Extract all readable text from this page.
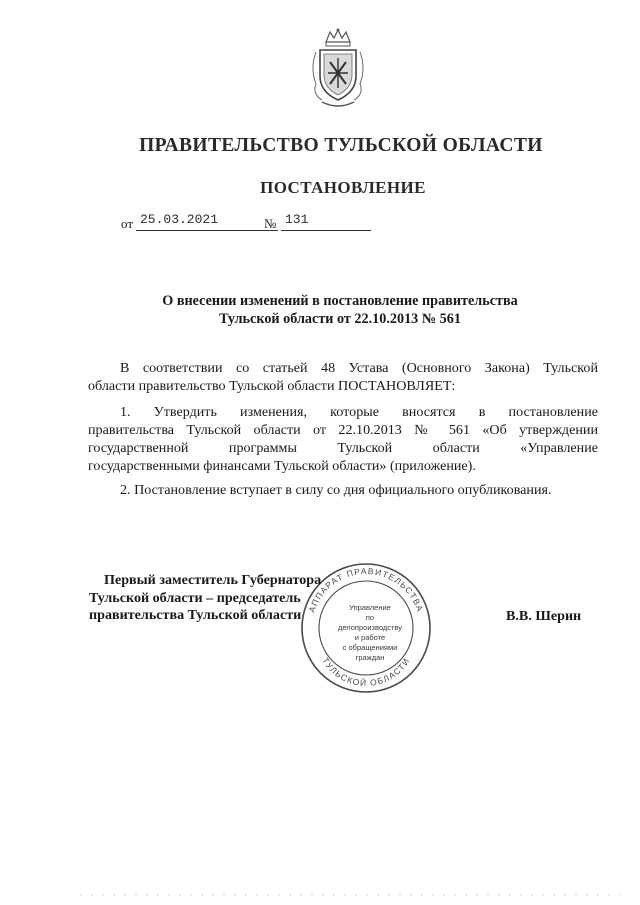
ПРАВИТЕЛЬСТВО ТУЛЬСКОЙ ОБЛАСТИ
ПОСТАНОВЛЕНИЕ
от 25.03.2021	№ 131
О внесении изменений в постановление правительства
Тульской области от 22.10.2013 № 561

В соответствии со статьей 48 Устава (Основного Закона) Тульской
области правительство Тульской области ПОСТАНОВЛЯЕТ:

1. Утвердить изменения, которые вносятся в постановление
правительства Тульской области от 22.10.2013 № 561 «Об утверждении
государственной программы Тульской области «Управление
государственными финансами Тульской области» (приложение).

2. Постановление вступает в силу со дня официального опубликования.

АППАРАТ ПРАВИТЕЛЬСТВА
ТУЛЬСКОЙ ОБЛАСТИ
Управление
по делопроизводству
и работе
с обращениями
граждан
Первый заместитель Губернатора
Тульской области – председатель
правительства Тульской области	В.В. Шерин
